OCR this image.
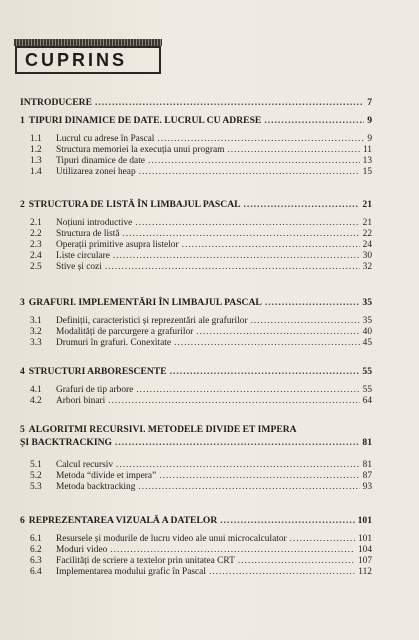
CUPRINS
INTRODUCERE .....	7
1 TIPURI DINAMICE DE DATE. LUCRUL CU ADRESE .....	9
1.1 Lucrul cu adrese în Pascal .....	9
1.2 Structura memoriei la execuția unui program .....	11
1.3 Tipuri dinamice de date .....	13
1.4 Utilizarea zonei heap .....	15
2 STRUCTURA DE LISTĂ ÎN LIMBAJUL PASCAL .....	21
2.1 Noțiuni introductive .....	21
2.2 Structura de listă .....	22
2.3 Operații primitive asupra listelor .....	24
2.4 Liste circulare .....	30
2.5 Stive și cozi .....	32
3 GRAFURI. IMPLEMENTĂRI ÎN LIMBAJUL PASCAL .....	35
3.1 Definiții, caracteristici și reprezentări ale grafurilor .....	35
3.2 Modalități de parcurgere a grafurilor .....	40
3.3 Drumuri în grafuri. Conexitate .....	45
4 STRUCTURI ARBORESCENTE .....	55
4.1 Grafuri de tip arbore .....	55
4.2 Arbori binari .....	64
5 ALGORITMI RECURSIVI. METODELE DIVIDE ET IMPERA
ȘI BACKTRACKING .....	81
5.1 Calcul recursiv .....	81
5.2 Metoda “divide et impera” .....	87
5.3 Metoda backtracking .....	93
6 REPREZENTAREA VIZUALĂ A DATELOR .....	101
6.1 Resursele și modurile de lucru video ale unui microcalculator .....	101
6.2 Moduri video .....	104
6.3 Facilități de scriere a textelor prin unitatea CRT .....	107
6.4 Implementarea modului grafic în Pascal .....	112
